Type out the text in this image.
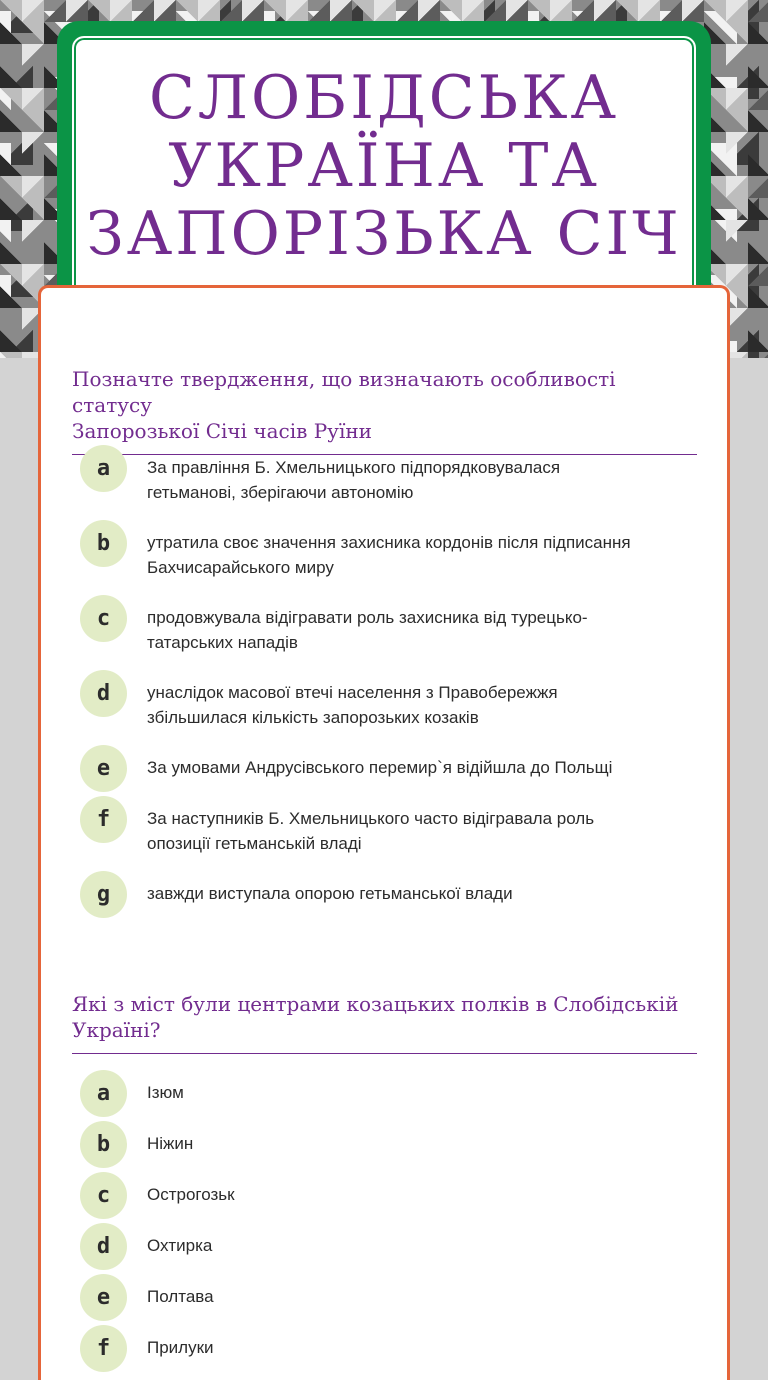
СЛОБІДСЬКА
УКРАЇНА ТА
ЗАПОРІЗЬКА СІЧ
Позначте твердження, що визначають особливості статусу
Запорозької Січі часів Руїни
a	За правління Б. Хмельницького підпорядковувалася
гетьманові, зберігаючи автономію
b	утратила своє значення захисника кордонів після підписання
Бахчисарайського миру
c	продовжувала відігравати роль захисника від турецько-
татарських нападів
d	унаслідок масової втечі населення з Правобережжя
збільшилася кількість запорозьких козаків
e	За умовами Андрусівського перемир`я відійшла до Польщі
f	За наступників Б. Хмельницького часто відігравала роль
опозиції гетьманській владі
g	завжди виступала опорою гетьманської влади
Які з міст були центрами козацьких полків в Слобідській
Україні?
a	Ізюм
b	Ніжин
c	Острогозьк
d	Охтирка
e	Полтава
f	Прилуки
